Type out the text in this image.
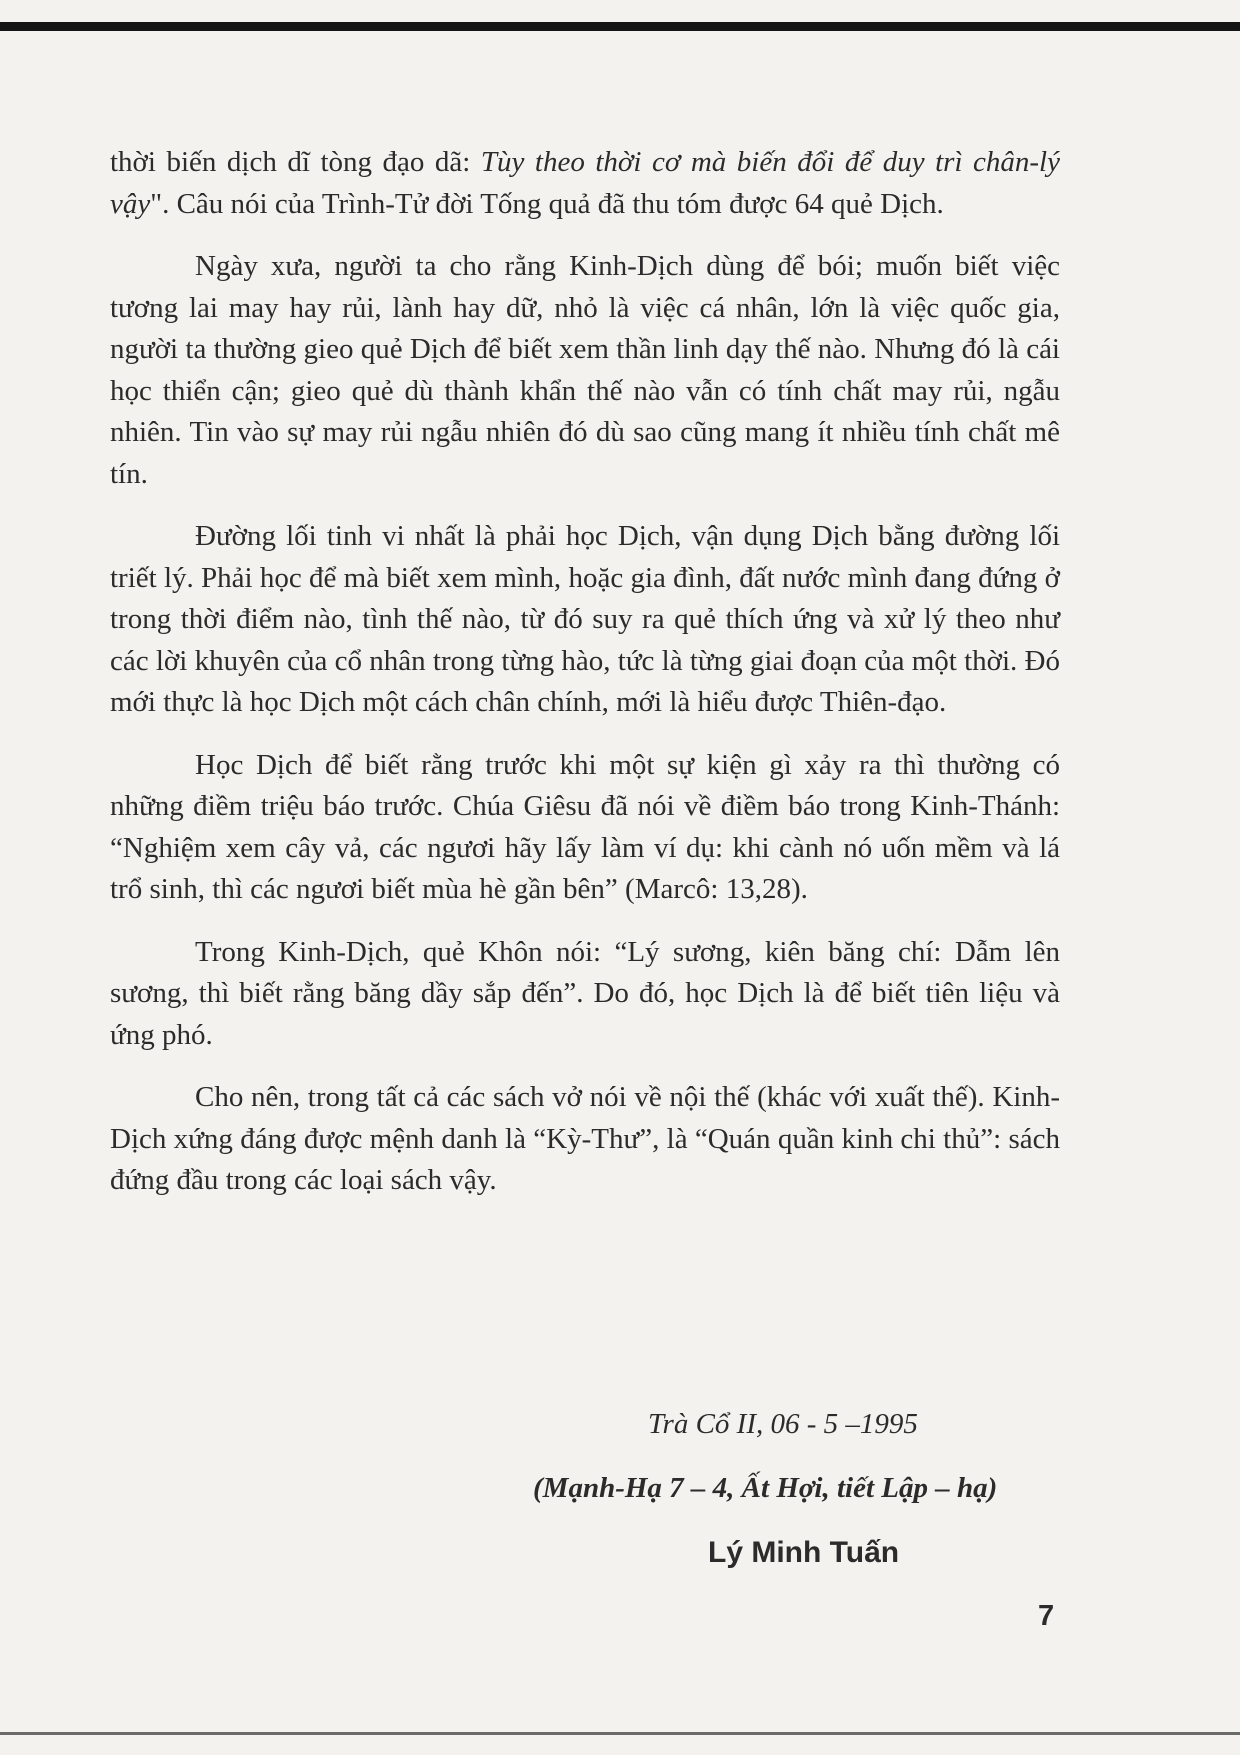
thời biến dịch dĩ tòng đạo dã: Tùy theo thời cơ mà biến đổi để duy trì chân-lý vậy". Câu nói của Trình-Tử đời Tống quả đã thu tóm được 64 quẻ Dịch.

Ngày xưa, người ta cho rằng Kinh-Dịch dùng để bói; muốn biết việc tương lai may hay rủi, lành hay dữ, nhỏ là việc cá nhân, lớn là việc quốc gia, người ta thường gieo quẻ Dịch để biết xem thần linh dạy thế nào. Nhưng đó là cái học thiển cận; gieo quẻ dù thành khẩn thế nào vẫn có tính chất may rủi, ngẫu nhiên. Tin vào sự may rủi ngẫu nhiên đó dù sao cũng mang ít nhiều tính chất mê tín.

Đường lối tinh vi nhất là phải học Dịch, vận dụng Dịch bằng đường lối triết lý. Phải học để mà biết xem mình, hoặc gia đình, đất nước mình đang đứng ở trong thời điểm nào, tình thế nào, từ đó suy ra quẻ thích ứng và xử lý theo như các lời khuyên của cổ nhân trong từng hào, tức là từng giai đoạn của một thời. Đó mới thực là học Dịch một cách chân chính, mới là hiểu được Thiên-đạo.

Học Dịch để biết rằng trước khi một sự kiện gì xảy ra thì thường có những điềm triệu báo trước. Chúa Giêsu đã nói về điềm báo trong Kinh-Thánh: “Nghiệm xem cây vả, các ngươi hãy lấy làm ví dụ: khi cành nó uốn mềm và lá trổ sinh, thì các ngươi biết mùa hè gần bên” (Marcô: 13,28).

Trong Kinh-Dịch, quẻ Khôn nói: “Lý sương, kiên băng chí: Dẫm lên sương, thì biết rằng băng dầy sắp đến”. Do đó, học Dịch là để biết tiên liệu và ứng phó.

Cho nên, trong tất cả các sách vở nói về nội thế (khác với xuất thế). Kinh-Dịch xứng đáng được mệnh danh là “Kỳ-Thư”, là “Quán quần kinh chi thủ”: sách đứng đầu trong các loại sách vậy.

Trà Cổ II, 06 - 5 –1995
(Mạnh-Hạ 7 – 4, Ất Hợi, tiết Lập – hạ)
Lý Minh Tuấn
7
